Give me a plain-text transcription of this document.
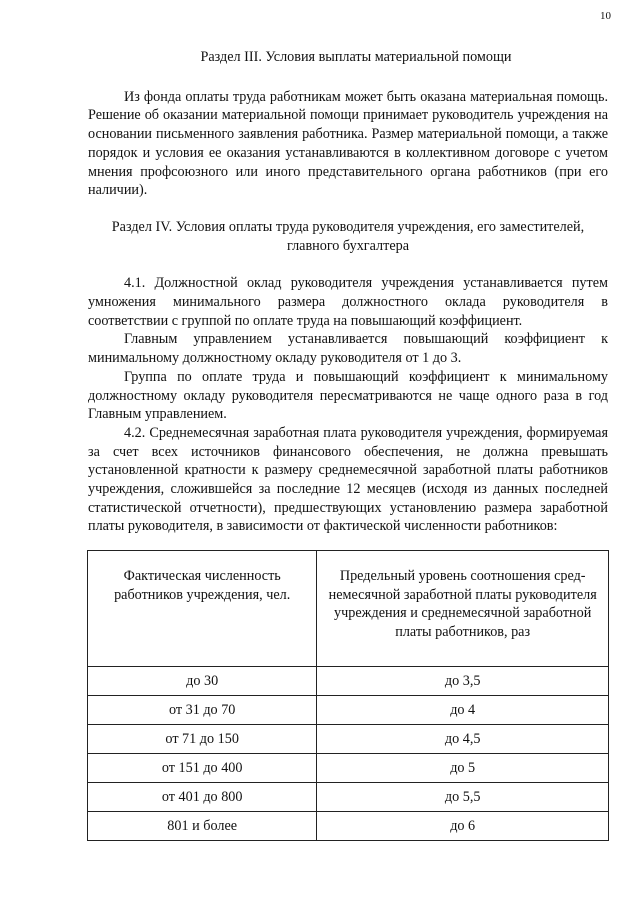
10
Раздел III. Условия выплаты материальной помощи

Из фонда оплаты труда работникам может быть оказана материальная помощь. Решение об оказании материальной помощи принимает руководитель учреждения на основании письменного заявления работника. Размер материальной помощи, а также порядок и условия ее оказания устанавливаются в коллективном договоре с учетом мнения профсоюзного или иного представительного органа работников (при его наличии).

Раздел IV. Условия оплаты труда руководителя учреждения, его заместителей, главного бухгалтера

4.1. Должностной оклад руководителя учреждения устанавливается путем умножения минимального размера должностного оклада руководителя в соответствии с группой по оплате труда на повышающий коэффициент.

Главным управлением устанавливается повышающий коэффициент к минимальному должностному окладу руководителя от 1 до 3.

Группа по оплате труда и повышающий коэффициент к минимальному должностному окладу руководителя пересматриваются не чаще одного раза в год Главным управлением.

4.2. Среднемесячная заработная плата руководителя учреждения, формируемая за счет всех источников финансового обеспечения, не должна превышать установленной кратности к размеру среднемесячной заработной платы работников учреждения, сложившейся за последние 12 месяцев (исходя из данных последней статистической отчетности), предшествующих установлению размера заработной платы руководителя, в зависимости от фактической численности работников:

Фактическая численность работников учреждения, чел.	Предельный уровень соотношения среднемесячной заработной платы руководителя учреждения и среднемесячной заработной платы работников, раз
до 30	до 3,5
от 31 до 70	до 4
от 71 до 150	до 4,5
от 151 до 400	до 5
от 401 до 800	до 5,5
801 и более	до 6
